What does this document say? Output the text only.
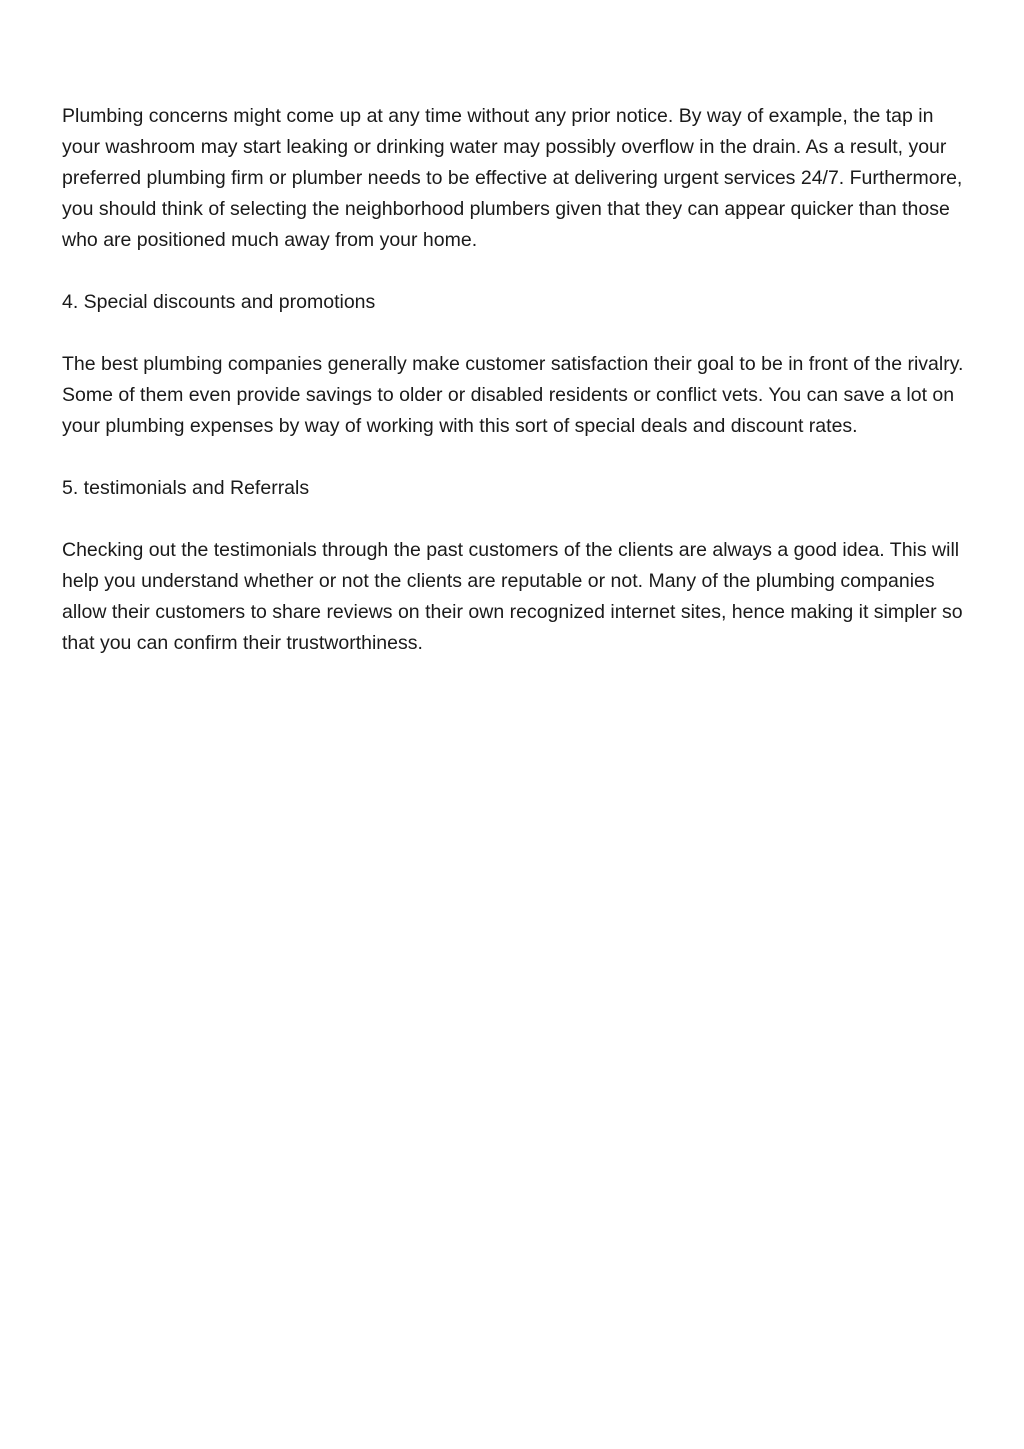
Plumbing concerns might come up at any time without any prior notice. By way of example, the tap in your washroom may start leaking or drinking water may possibly overflow in the drain. As a result, your preferred plumbing firm or plumber needs to be effective at delivering urgent services 24/7. Furthermore, you should think of selecting the neighborhood plumbers given that they can appear quicker than those who are positioned much away from your home.

4. Special discounts and promotions

The best plumbing companies generally make customer satisfaction their goal to be in front of the rivalry. Some of them even provide savings to older or disabled residents or conflict vets. You can save a lot on your plumbing expenses by way of working with this sort of special deals and discount rates.

5. testimonials and Referrals

Checking out the testimonials through the past customers of the clients are always a good idea. This will help you understand whether or not the clients are reputable or not. Many of the plumbing companies allow their customers to share reviews on their own recognized internet sites, hence making it simpler so that you can confirm their trustworthiness.
